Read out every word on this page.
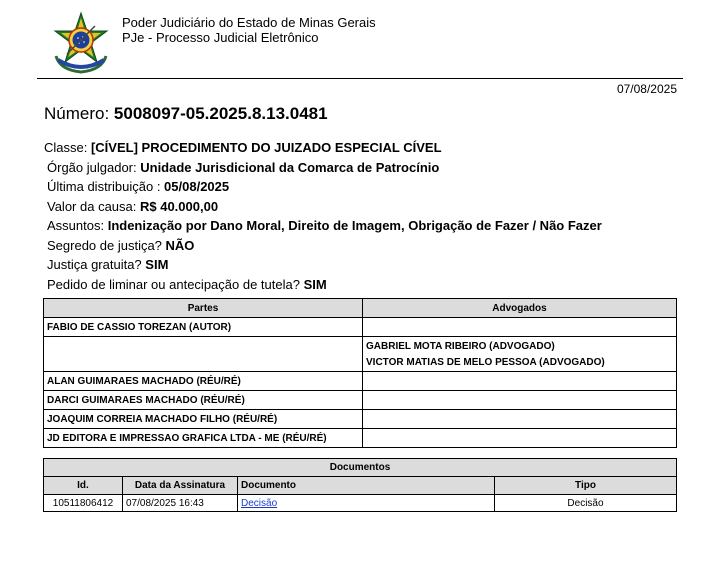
Poder Judiciário do Estado de Minas Gerais
PJe - Processo Judicial Eletrônico
07/08/2025
Número: 5008097-05.2025.8.13.0481
Classe: [CÍVEL] PROCEDIMENTO DO JUIZADO ESPECIAL CÍVEL
Órgão julgador: Unidade Jurisdicional da Comarca de Patrocínio
Última distribuição : 05/08/2025
Valor da causa: R$ 40.000,00
Assuntos: Indenização por Dano Moral, Direito de Imagem, Obrigação de Fazer / Não Fazer
Segredo de justiça? NÃO
Justiça gratuita? SIM
Pedido de liminar ou antecipação de tutela? SIM
Partes	Advogados
FABIO DE CASSIO TOREZAN (AUTOR)	

	GABRIEL MOTA RIBEIRO (ADVOGADO)
VICTOR MATIAS DE MELO PESSOA (ADVOGADO)

ALAN GUIMARAES MACHADO (RÉU/RÉ)	
DARCI GUIMARAES MACHADO (RÉU/RÉ)	
JOAQUIM CORREIA MACHADO FILHO (RÉU/RÉ)	
JD EDITORA E IMPRESSAO GRAFICA LTDA - ME (RÉU/RÉ)	
Documentos			
Id.	Data da Assinatura	Documento	Tipo
10511806412	07/08/2025 16:43	Decisão	Decisão
